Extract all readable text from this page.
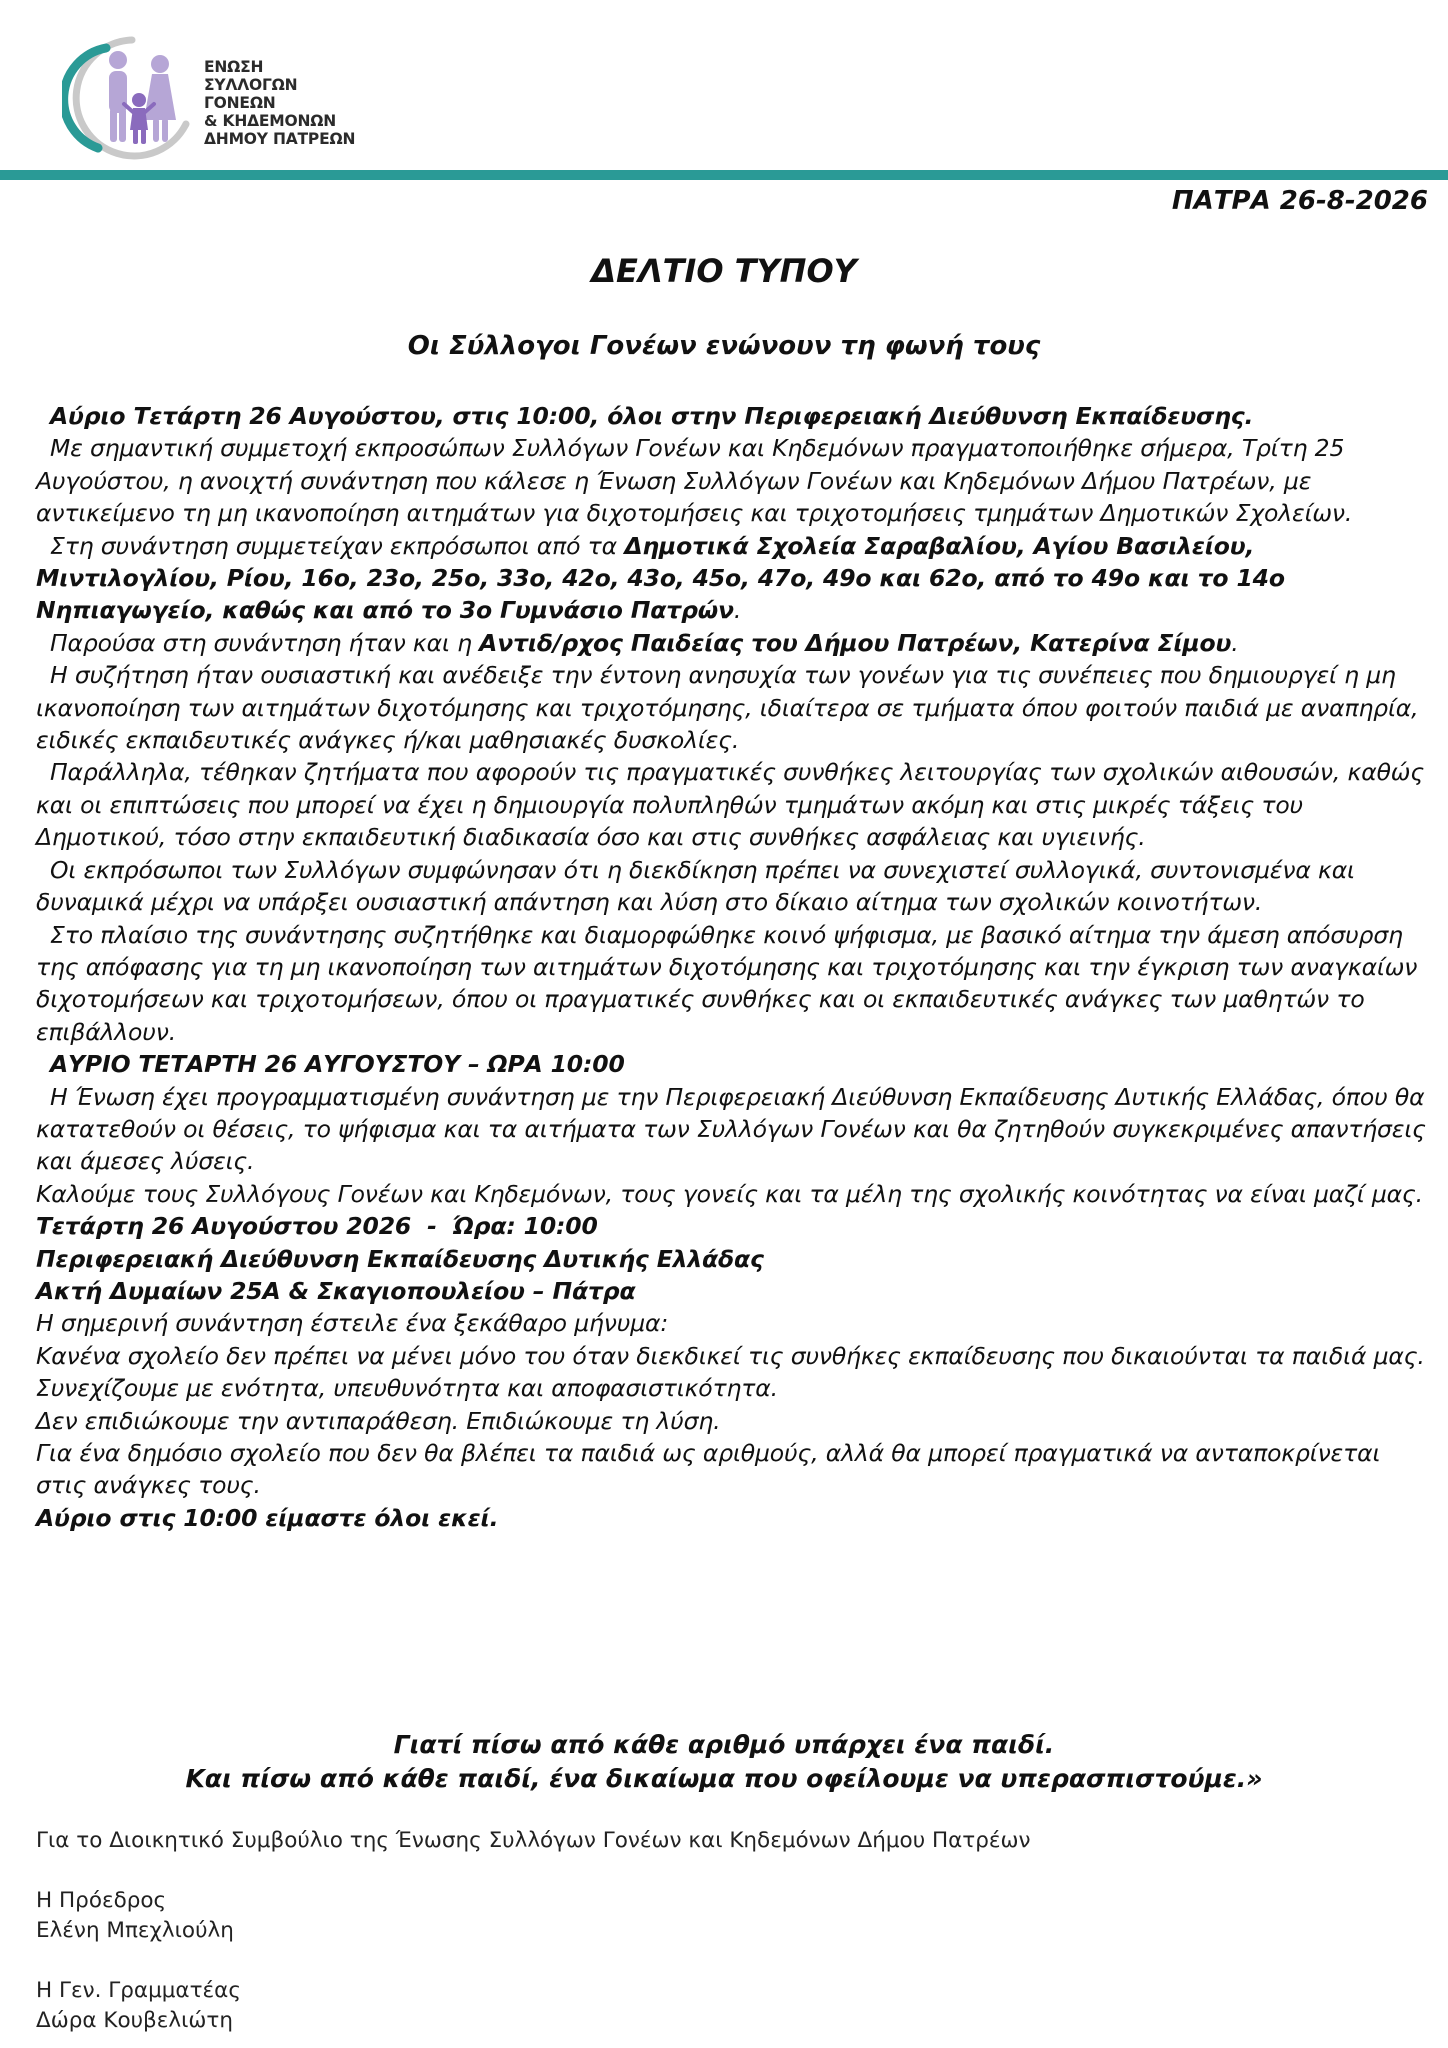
ΕΝΩΣΗ
ΣΥΛΛΟΓΩΝ
ΓΟΝΕΩΝ
& ΚΗΔΕΜΟΝΩΝ
ΔΗΜΟΥ ΠΑΤΡΕΩΝ
ΠΑΤΡΑ 26-8-2026
ΔΕΛΤΙΟ ΤΥΠΟΥ
Οι Σύλλογοι Γονέων ενώνουν τη φωνή τους

Αύριο Τετάρτη 26 Αυγούστου, στις 10:00, όλοι στην Περιφερειακή Διεύθυνση Εκπαίδευσης.

Με σημαντική συμμετοχή εκπροσώπων Συλλόγων Γονέων και Κηδεμόνων πραγματοποιήθηκε σήμερα, Τρίτη 25 Αυγούστου, η ανοιχτή συνάντηση που κάλεσε η Ένωση Συλλόγων Γονέων και Κηδεμόνων Δήμου Πατρέων, με αντικείμενο τη μη ικανοποίηση αιτημάτων για διχοτομήσεις και τριχοτομήσεις τμημάτων Δημοτικών Σχολείων.

Στη συνάντηση συμμετείχαν εκπρόσωποι από τα Δημοτικά Σχολεία Σαραβαλίου, Αγίου Βασιλείου, Μιντιλογλίου, Ρίου, 16ο, 23ο, 25ο, 33ο, 42ο, 43ο, 45ο, 47ο, 49ο και 62ο, από το 49ο και το 14ο Νηπιαγωγείο, καθώς και από το 3ο Γυμνάσιο Πατρών.

Παρούσα στη συνάντηση ήταν και η Αντιδ/ρχος Παιδείας του Δήμου Πατρέων, Κατερίνα Σίμου.

Η συζήτηση ήταν ουσιαστική και ανέδειξε την έντονη ανησυχία των γονέων για τις συνέπειες που δημιουργεί η μη ικανοποίηση των αιτημάτων διχοτόμησης και τριχοτόμησης, ιδιαίτερα σε τμήματα όπου φοιτούν παιδιά με αναπηρία, ειδικές εκπαιδευτικές ανάγκες ή/και μαθησιακές δυσκολίες.

Παράλληλα, τέθηκαν ζητήματα που αφορούν τις πραγματικές συνθήκες λειτουργίας των σχολικών αιθουσών, καθώς και οι επιπτώσεις που μπορεί να έχει η δημιουργία πολυπληθών τμημάτων ακόμη και στις μικρές τάξεις του Δημοτικού, τόσο στην εκπαιδευτική διαδικασία όσο και στις συνθήκες ασφάλειας και υγιεινής.

Οι εκπρόσωποι των Συλλόγων συμφώνησαν ότι η διεκδίκηση πρέπει να συνεχιστεί συλλογικά, συντονισμένα και δυναμικά μέχρι να υπάρξει ουσιαστική απάντηση και λύση στο δίκαιο αίτημα των σχολικών κοινοτήτων.

Στο πλαίσιο της συνάντησης συζητήθηκε και διαμορφώθηκε κοινό ψήφισμα, με βασικό αίτημα την άμεση απόσυρση της απόφασης για τη μη ικανοποίηση των αιτημάτων διχοτόμησης και τριχοτόμησης και την έγκριση των αναγκαίων διχοτομήσεων και τριχοτομήσεων, όπου οι πραγματικές συνθήκες και οι εκπαιδευτικές ανάγκες των μαθητών το επιβάλλουν.

ΑΥΡΙΟ ΤΕΤΑΡΤΗ 26 ΑΥΓΟΥΣΤΟΥ – ΩΡΑ 10:00

Η Ένωση έχει προγραμματισμένη συνάντηση με την Περιφερειακή Διεύθυνση Εκπαίδευσης Δυτικής Ελλάδας, όπου θα κατατεθούν οι θέσεις, το ψήφισμα και τα αιτήματα των Συλλόγων Γονέων και θα ζητηθούν συγκεκριμένες απαντήσεις και άμεσες λύσεις.

Καλούμε τους Συλλόγους Γονέων και Κηδεμόνων, τους γονείς και τα μέλη της σχολικής κοινότητας να είναι μαζί μας.

Τετάρτη 26 Αυγούστου 2026  -  Ώρα: 10:00

Περιφερειακή Διεύθυνση Εκπαίδευσης Δυτικής Ελλάδας

Ακτή Δυμαίων 25Α & Σκαγιοπουλείου – Πάτρα

Η σημερινή συνάντηση έστειλε ένα ξεκάθαρο μήνυμα:

Κανένα σχολείο δεν πρέπει να μένει μόνο του όταν διεκδικεί τις συνθήκες εκπαίδευσης που δικαιούνται τα παιδιά μας.

Συνεχίζουμε με ενότητα, υπευθυνότητα και αποφασιστικότητα.

Δεν επιδιώκουμε την αντιπαράθεση. Επιδιώκουμε τη λύση.

Για ένα δημόσιο σχολείο που δεν θα βλέπει τα παιδιά ως αριθμούς, αλλά θα μπορεί πραγματικά να ανταποκρίνεται στις ανάγκες τους.

Αύριο στις 10:00 είμαστε όλοι εκεί.

Γιατί πίσω από κάθε αριθμό υπάρχει ένα παιδί.
Και πίσω από κάθε παιδί, ένα δικαίωμα που οφείλουμε να υπερασπιστούμε.»
Για το Διοικητικό Συμβούλιο της Ένωσης Συλλόγων Γονέων και Κηδεμόνων Δήμου Πατρέων
Η Πρόεδρος
Ελένη Μπεχλιούλη
Η Γεν. Γραμματέας
Δώρα Κουβελιώτη
